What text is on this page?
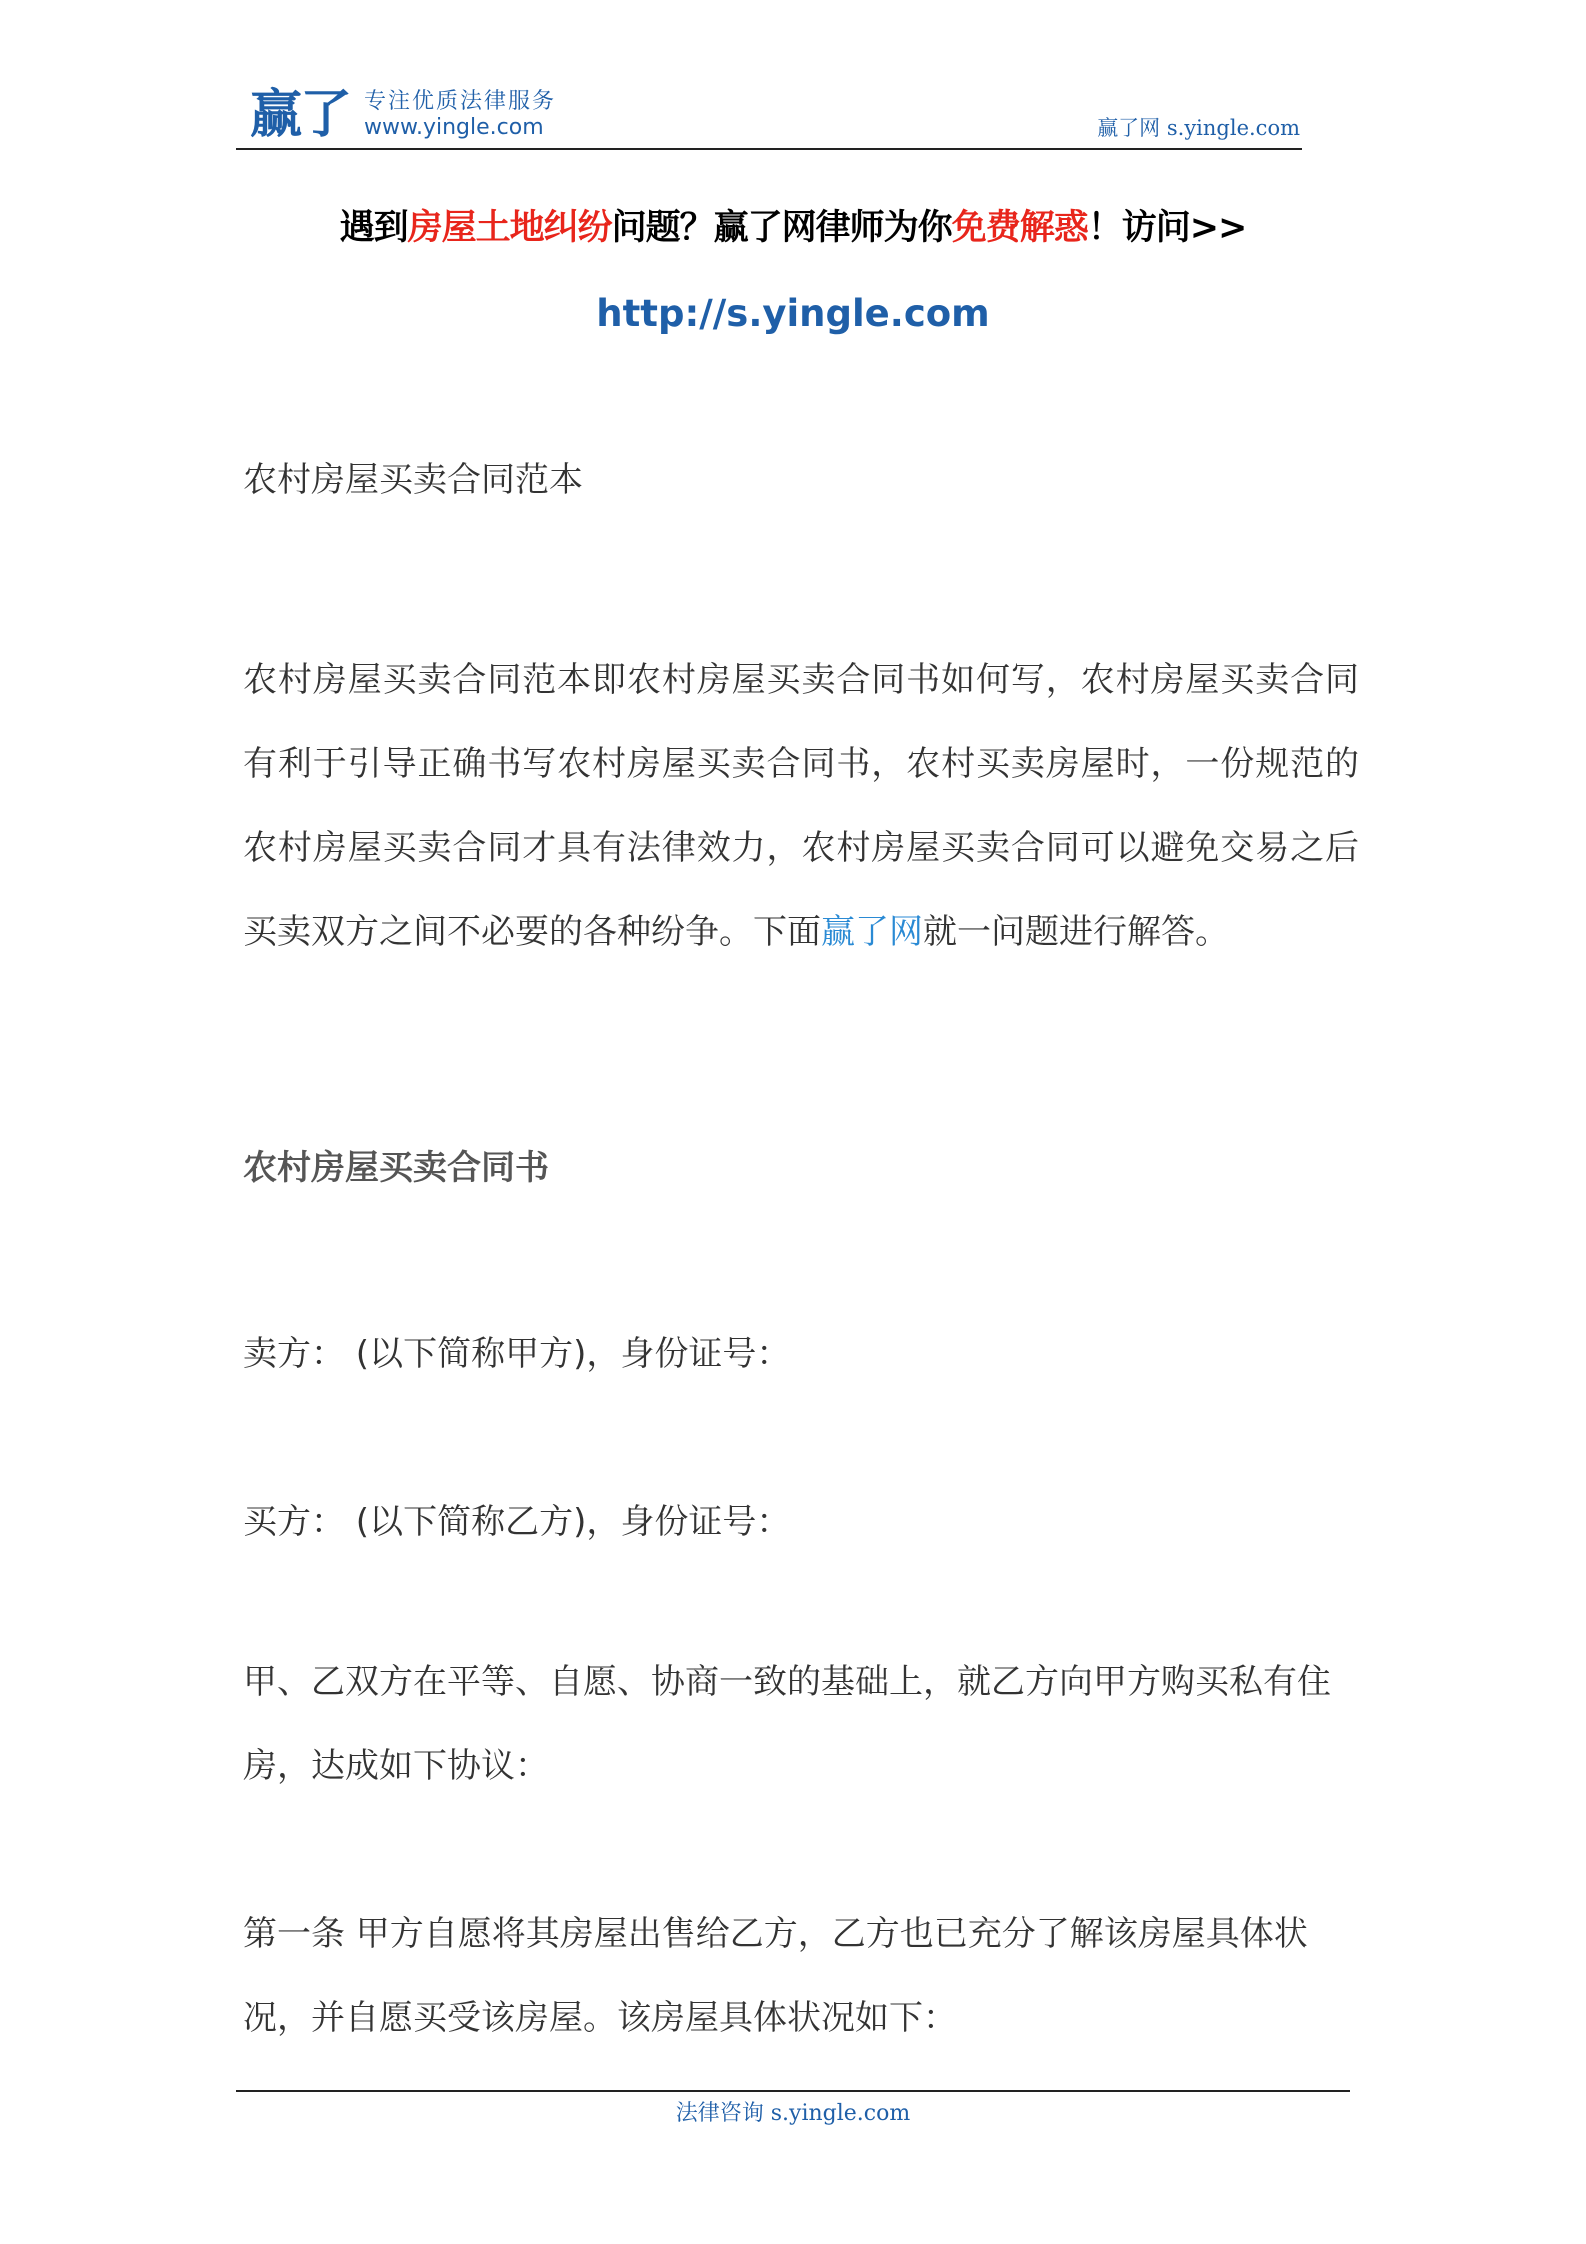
赢了 专注优质法律服务
www.yingle.com	赢了网 s.yingle.com
遇到房屋土地纠纷问题？赢了网律师为你免费解惑！访问>>
http://s.yingle.com
农村房屋买卖合同范本
农村房屋买卖合同范本即农村房屋买卖合同书如何写，农村房屋买卖合同有利于引导正确书写农村房屋买卖合同书，农村买卖房屋时，一份规范的农村房屋买卖合同才具有法律效力，农村房屋买卖合同可以避免交易之后买卖双方之间不必要的各种纷争。下面赢了网就一问题进行解答。
农村房屋买卖合同书
卖方： (以下简称甲方)，身份证号：
买方： (以下简称乙方)，身份证号：
甲、乙双方在平等、自愿、协商一致的基础上，就乙方向甲方购买私有住房，达成如下协议：
第一条 甲方自愿将其房屋出售给乙方，乙方也已充分了解该房屋具体状况，并自愿买受该房屋。该房屋具体状况如下：
法律咨询 s.yingle.com
